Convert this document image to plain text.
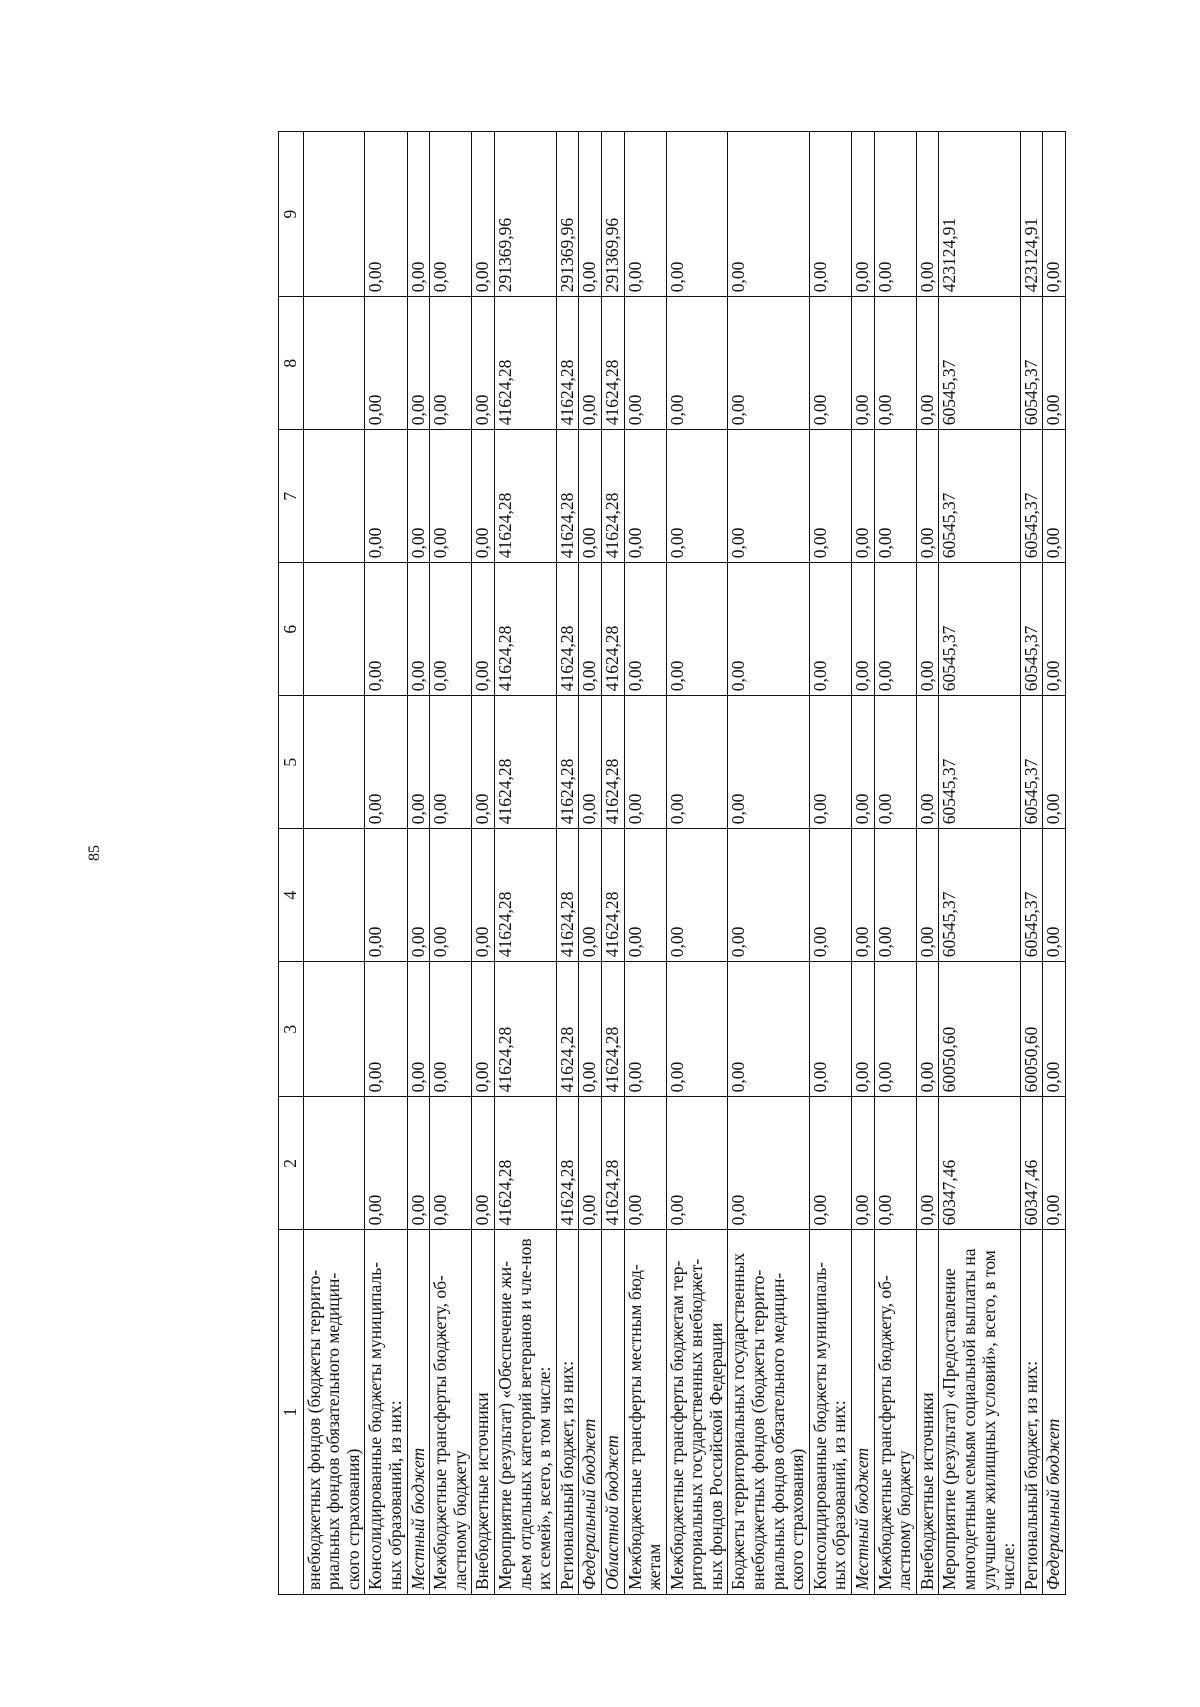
85
1	2	3	4	5	6	7	8	9
внебюджетных фондов (бюджеты террито-риальных фондов обязательного медицин-ского страхования)								
Консолидированные бюджеты муниципаль-ных образований, из них:	0,00	0,00	0,00	0,00	0,00	0,00	0,00	0,00
Местный бюджет	0,00	0,00	0,00	0,00	0,00	0,00	0,00	0,00
Межбюджетные трансферты бюджету, об-ластному бюджету	0,00	0,00	0,00	0,00	0,00	0,00	0,00	0,00
Внебюджетные источники	0,00	0,00	0,00	0,00	0,00	0,00	0,00	0,00
Мероприятие (результат) «Обеспечение жи-льем отдельных категорий ветеранов и чле-нов их семей», всего, в том числе:	41624,28	41624,28	41624,28	41624,28	41624,28	41624,28	41624,28	291369,96
Региональный бюджет, из них:	41624,28	41624,28	41624,28	41624,28	41624,28	41624,28	41624,28	291369,96
Федеральный бюджет	0,00	0,00	0,00	0,00	0,00	0,00	0,00	0,00
Областной бюджет	41624,28	41624,28	41624,28	41624,28	41624,28	41624,28	41624,28	291369,96
Межбюджетные трансферты местным бюд-жетам	0,00	0,00	0,00	0,00	0,00	0,00	0,00	0,00
Межбюджетные трансферты бюджетам тер-риториальных государственных внебюджет-ных фондов Российской Федерации	0,00	0,00	0,00	0,00	0,00	0,00	0,00	0,00
Бюджеты территориальных государственных внебюджетных фондов (бюджеты террито-риальных фондов обязательного медицин-ского страхования)	0,00	0,00	0,00	0,00	0,00	0,00	0,00	0,00
Консолидированные бюджеты муниципаль-ных образований, из них:	0,00	0,00	0,00	0,00	0,00	0,00	0,00	0,00
Местный бюджет	0,00	0,00	0,00	0,00	0,00	0,00	0,00	0,00
Межбюджетные трансферты бюджету, об-ластному бюджету	0,00	0,00	0,00	0,00	0,00	0,00	0,00	0,00
Внебюджетные источники	0,00	0,00	0,00	0,00	0,00	0,00	0,00	0,00
Мероприятие (результат) «Предоставление многодетным семьям социальной выплаты на улучшение жилищных условий», всего, в том числе:	60347,46	60050,60	60545,37	60545,37	60545,37	60545,37	60545,37	423124,91
Региональный бюджет, из них:	60347,46	60050,60	60545,37	60545,37	60545,37	60545,37	60545,37	423124,91
Федеральный бюджет	0,00	0,00	0,00	0,00	0,00	0,00	0,00	0,00
